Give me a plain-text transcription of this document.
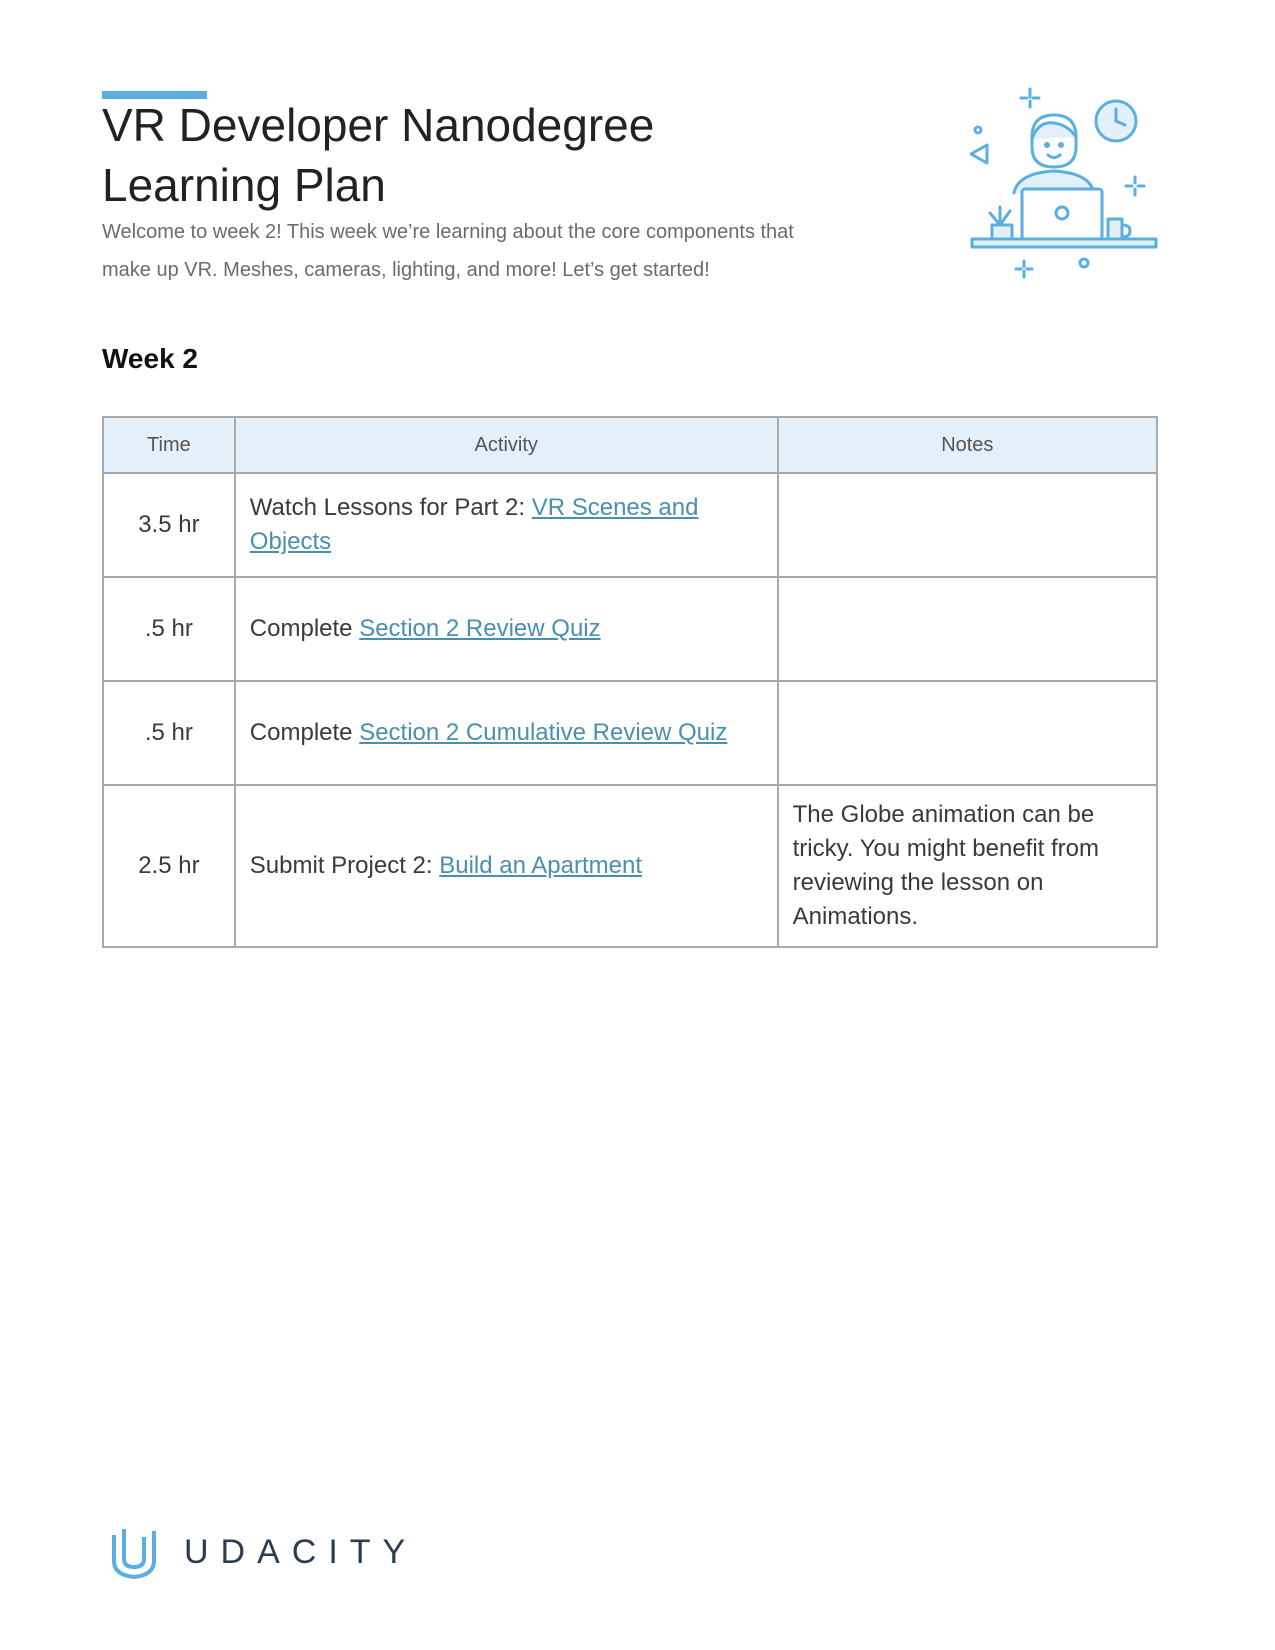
VR Developer Nanodegree
Learning Plan

Welcome to week 2! This week we’re learning about the core components that make up VR. Meshes, cameras, lighting, and more! Let’s get started!

Week 2
Time	Activity	Notes
3.5 hr	Watch Lessons for Part 2: VR Scenes and Objects	
.5 hr	Complete Section 2 Review Quiz	
.5 hr	Complete Section 2 Cumulative Review Quiz	
2.5 hr	Submit Project 2: Build an Apartment	The Globe animation can be tricky. You might benefit from reviewing the lesson on Animations.
UDACITY
